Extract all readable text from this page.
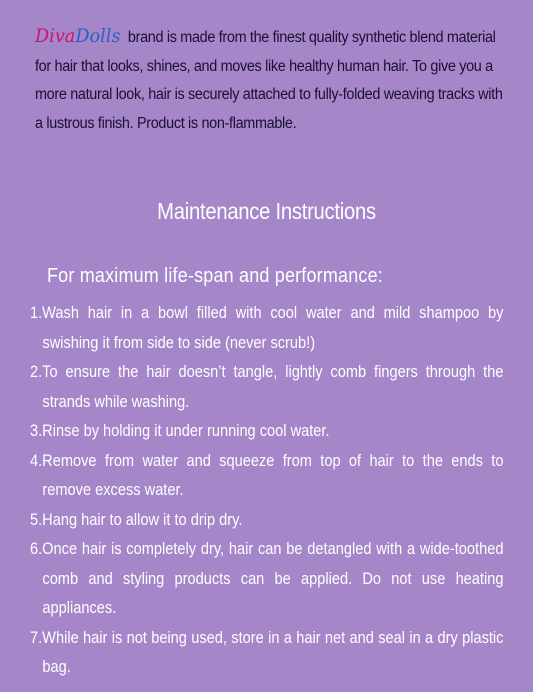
DivaDolls brand is made from the finest quality synthetic blend material for hair that looks, shines, and moves like healthy human hair. To give you a more natural look, hair is securely attached to fully-folded weaving tracks with a lustrous finish. Product is non-flammable.
Maintenance Instructions
For maximum life-span and performance:
1.Wash hair in a bowl filled with cool water and mild shampoo by swishing it from side to side (never scrub!)
2.To ensure the hair doesn’t tangle, lightly comb fingers through the strands while washing.
3.Rinse by holding it under running cool water.
4.Remove from water and squeeze from top of hair to the ends to remove excess water.
5.Hang hair to allow it to drip dry.
6.Once hair is completely dry, hair can be detangled with a wide-toothed comb and styling products can be applied. Do not use heating appliances.
7.While hair is not being used, store in a hair net and seal in a dry plastic bag.
